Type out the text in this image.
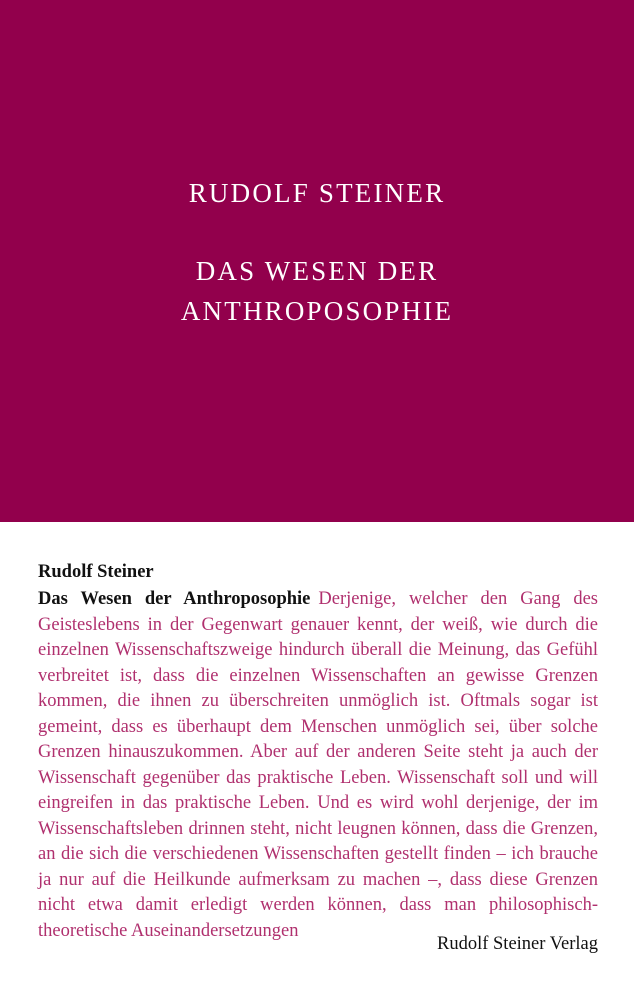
RUDOLF STEINER
DAS WESEN DER
ANTHROPOSOPHIE
Rudolf Steiner
Das Wesen der Anthroposophie Derjenige, welcher den Gang des Geisteslebens in der Gegenwart genauer kennt, der weiß, wie durch die einzelnen Wissenschaftszweige hindurch überall die Meinung, das Gefühl verbreitet ist, dass die einzelnen Wissenschaften an gewisse Grenzen kommen, die ihnen zu überschreiten unmöglich ist. Oftmals sogar ist gemeint, dass es überhaupt dem Menschen unmöglich sei, über solche Grenzen hinauszukommen. Aber auf der anderen Seite steht ja auch der Wissenschaft gegenüber das praktische Leben. Wissenschaft soll und will eingreifen in das praktische Leben. Und es wird wohl derjenige, der im Wissenschaftsleben drinnen steht, nicht leugnen können, dass die Grenzen, an die sich die verschiedenen Wissenschaften gestellt finden – ich brauche ja nur auf die Heilkunde aufmerksam zu machen –, dass diese Grenzen nicht etwa damit erledigt werden können, dass man philosophisch-theoretische Auseinandersetzungen
Rudolf Steiner Verlag
